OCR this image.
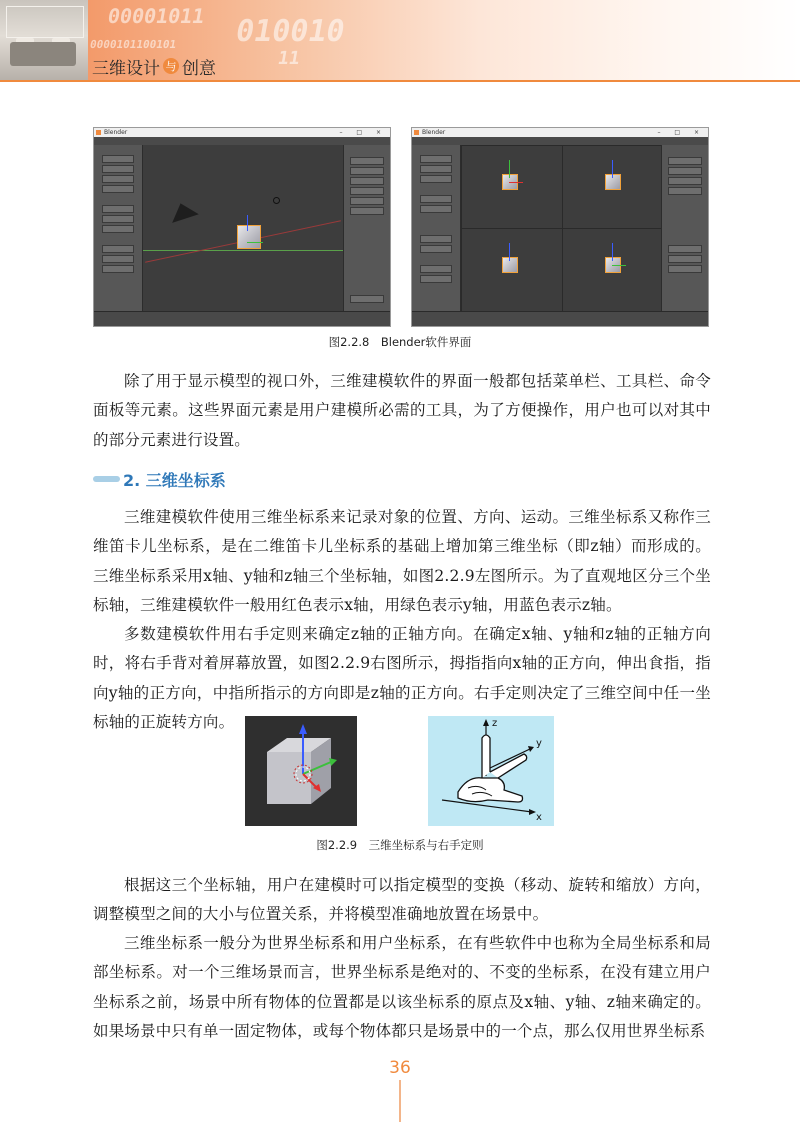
00001011 010010
0000101100101
11
三维设计 与 创意
Blender	– □ ×	Blender	– □ ×
图2.2.8　Blender软件界面

除了用于显示模型的视口外，三维建模软件的界面一般都包括菜单栏、工具栏、命令面板等元素。这些界面元素是用户建模所必需的工具，为了方便操作，用户也可以对其中的部分元素进行设置。

2. 三维坐标系

三维建模软件使用三维坐标系来记录对象的位置、方向、运动。三维坐标系又称作三维笛卡儿坐标系，是在二维笛卡儿坐标系的基础上增加第三维坐标（即z轴）而形成的。三维坐标系采用x轴、y轴和z轴三个坐标轴，如图2.2.9左图所示。为了直观地区分三个坐标轴，三维建模软件一般用红色表示x轴，用绿色表示y轴，用蓝色表示z轴。

多数建模软件用右手定则来确定z轴的正轴方向。在确定x轴、y轴和z轴的正轴方向时，将右手背对着屏幕放置，如图2.2.9右图所示，拇指指向x轴的正方向，伸出食指，指向y轴的正方向，中指所指示的方向即是z轴的正方向。右手定则决定了三维空间中任一坐标轴的正旋转方向。	z
y
x
图2.2.9　三维坐标系与右手定则

根据这三个坐标轴，用户在建模时可以指定模型的变换（移动、旋转和缩放）方向，调整模型之间的大小与位置关系，并将模型准确地放置在场景中。

三维坐标系一般分为世界坐标系和用户坐标系，在有些软件中也称为全局坐标系和局部坐标系。对一个三维场景而言，世界坐标系是绝对的、不变的坐标系，在没有建立用户坐标系之前，场景中所有物体的位置都是以该坐标系的原点及x轴、y轴、z轴来确定的。如果场景中只有单一固定物体，或每个物体都只是场景中的一个点，那么仅用世界坐标系

36
